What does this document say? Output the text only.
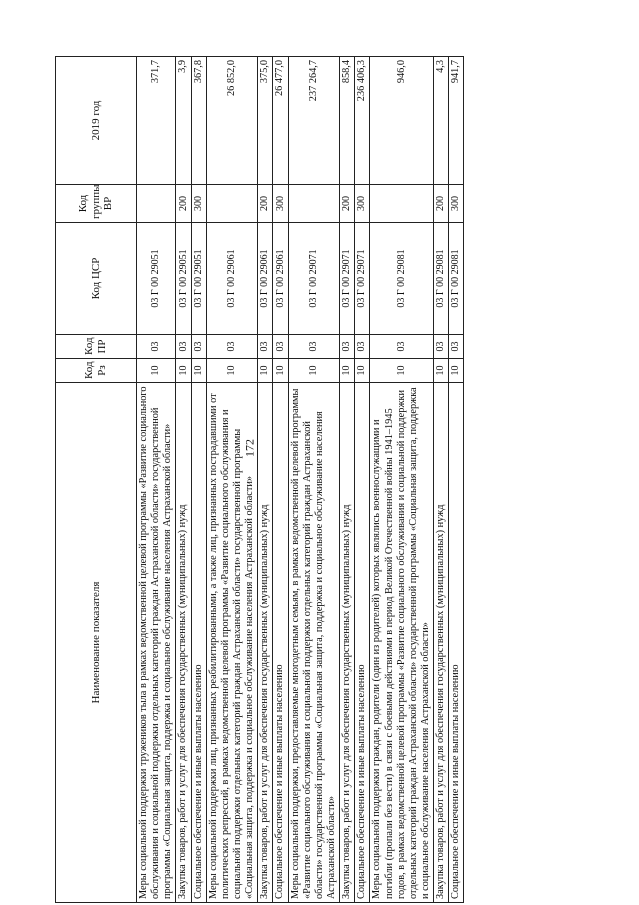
172
Наименование показателя	Код Рз	Код ПР	Код ЦСР	Код группы ВР	2019 год
Меры социальной поддержки тружеников тыла в рамках ведомственной целевой программы «Развитие социального обслуживания и социальной поддержки отдельных категорий граждан Астраханской области» государственной программы «Социальная защита, поддержка и социальное обслуживание населения Астраханской области»	10	03	03 Г 00 29051		371,7
Закупка товаров, работ и услуг для обеспечения государственных (муниципальных) нужд	10	03	03 Г 00 29051	200	3,9
Социальное обеспечение и иные выплаты населению	10	03	03 Г 00 29051	300	367,8
Меры социальной поддержки лиц, признанных реабилитированными, а также лиц, признанных пострадавшими от политических репрессий, в рамках ведомственной целевой программы «Развитие социального обслуживания и социальной поддержки отдельных категорий граждан Астраханской области» государственной программы «Социальная защита, поддержка и социальное обслуживание населения Астраханской области»	10	03	03 Г 00 29061		26 852,0
Закупка товаров, работ и услуг для обеспечения государственных (муниципальных) нужд	10	03	03 Г 00 29061	200	375,0
Социальное обеспечение и иные выплаты населению	10	03	03 Г 00 29061	300	26 477,0
Меры социальной поддержки, предоставляемые многодетным семьям, в рамках ведомственной целевой программы «Развитие социального обслуживания и социальной поддержки отдельных категорий граждан Астраханской области» государственной программы «Социальная защита, поддержка и социальное обслуживание населения Астраханской области»	10	03	03 Г 00 29071		237 264,7
Закупка товаров, работ и услуг для обеспечения государственных (муниципальных) нужд	10	03	03 Г 00 29071	200	858,4
Социальное обеспечение и иные выплаты населению	10	03	03 Г 00 29071	300	236 406,3
Меры социальной поддержки граждан, родители (один из родителей) которых являлись военнослужащими и погибли (пропали без вести) в связи с боевыми действиями в период Великой Отечественной войны 1941–1945 годов, в рамках ведомственной целевой программы «Развитие социального обслуживания и социальной поддержки отдельных категорий граждан Астраханской области» государственной программы «Социальная защита, поддержка и социальное обслуживание населения Астраханской области»	10	03	03 Г 00 29081		946,0
Закупка товаров, работ и услуг для обеспечения государственных (муниципальных) нужд	10	03	03 Г 00 29081	200	4,3
Социальное обеспечение и иные выплаты населению	10	03	03 Г 00 29081	300	941,7
